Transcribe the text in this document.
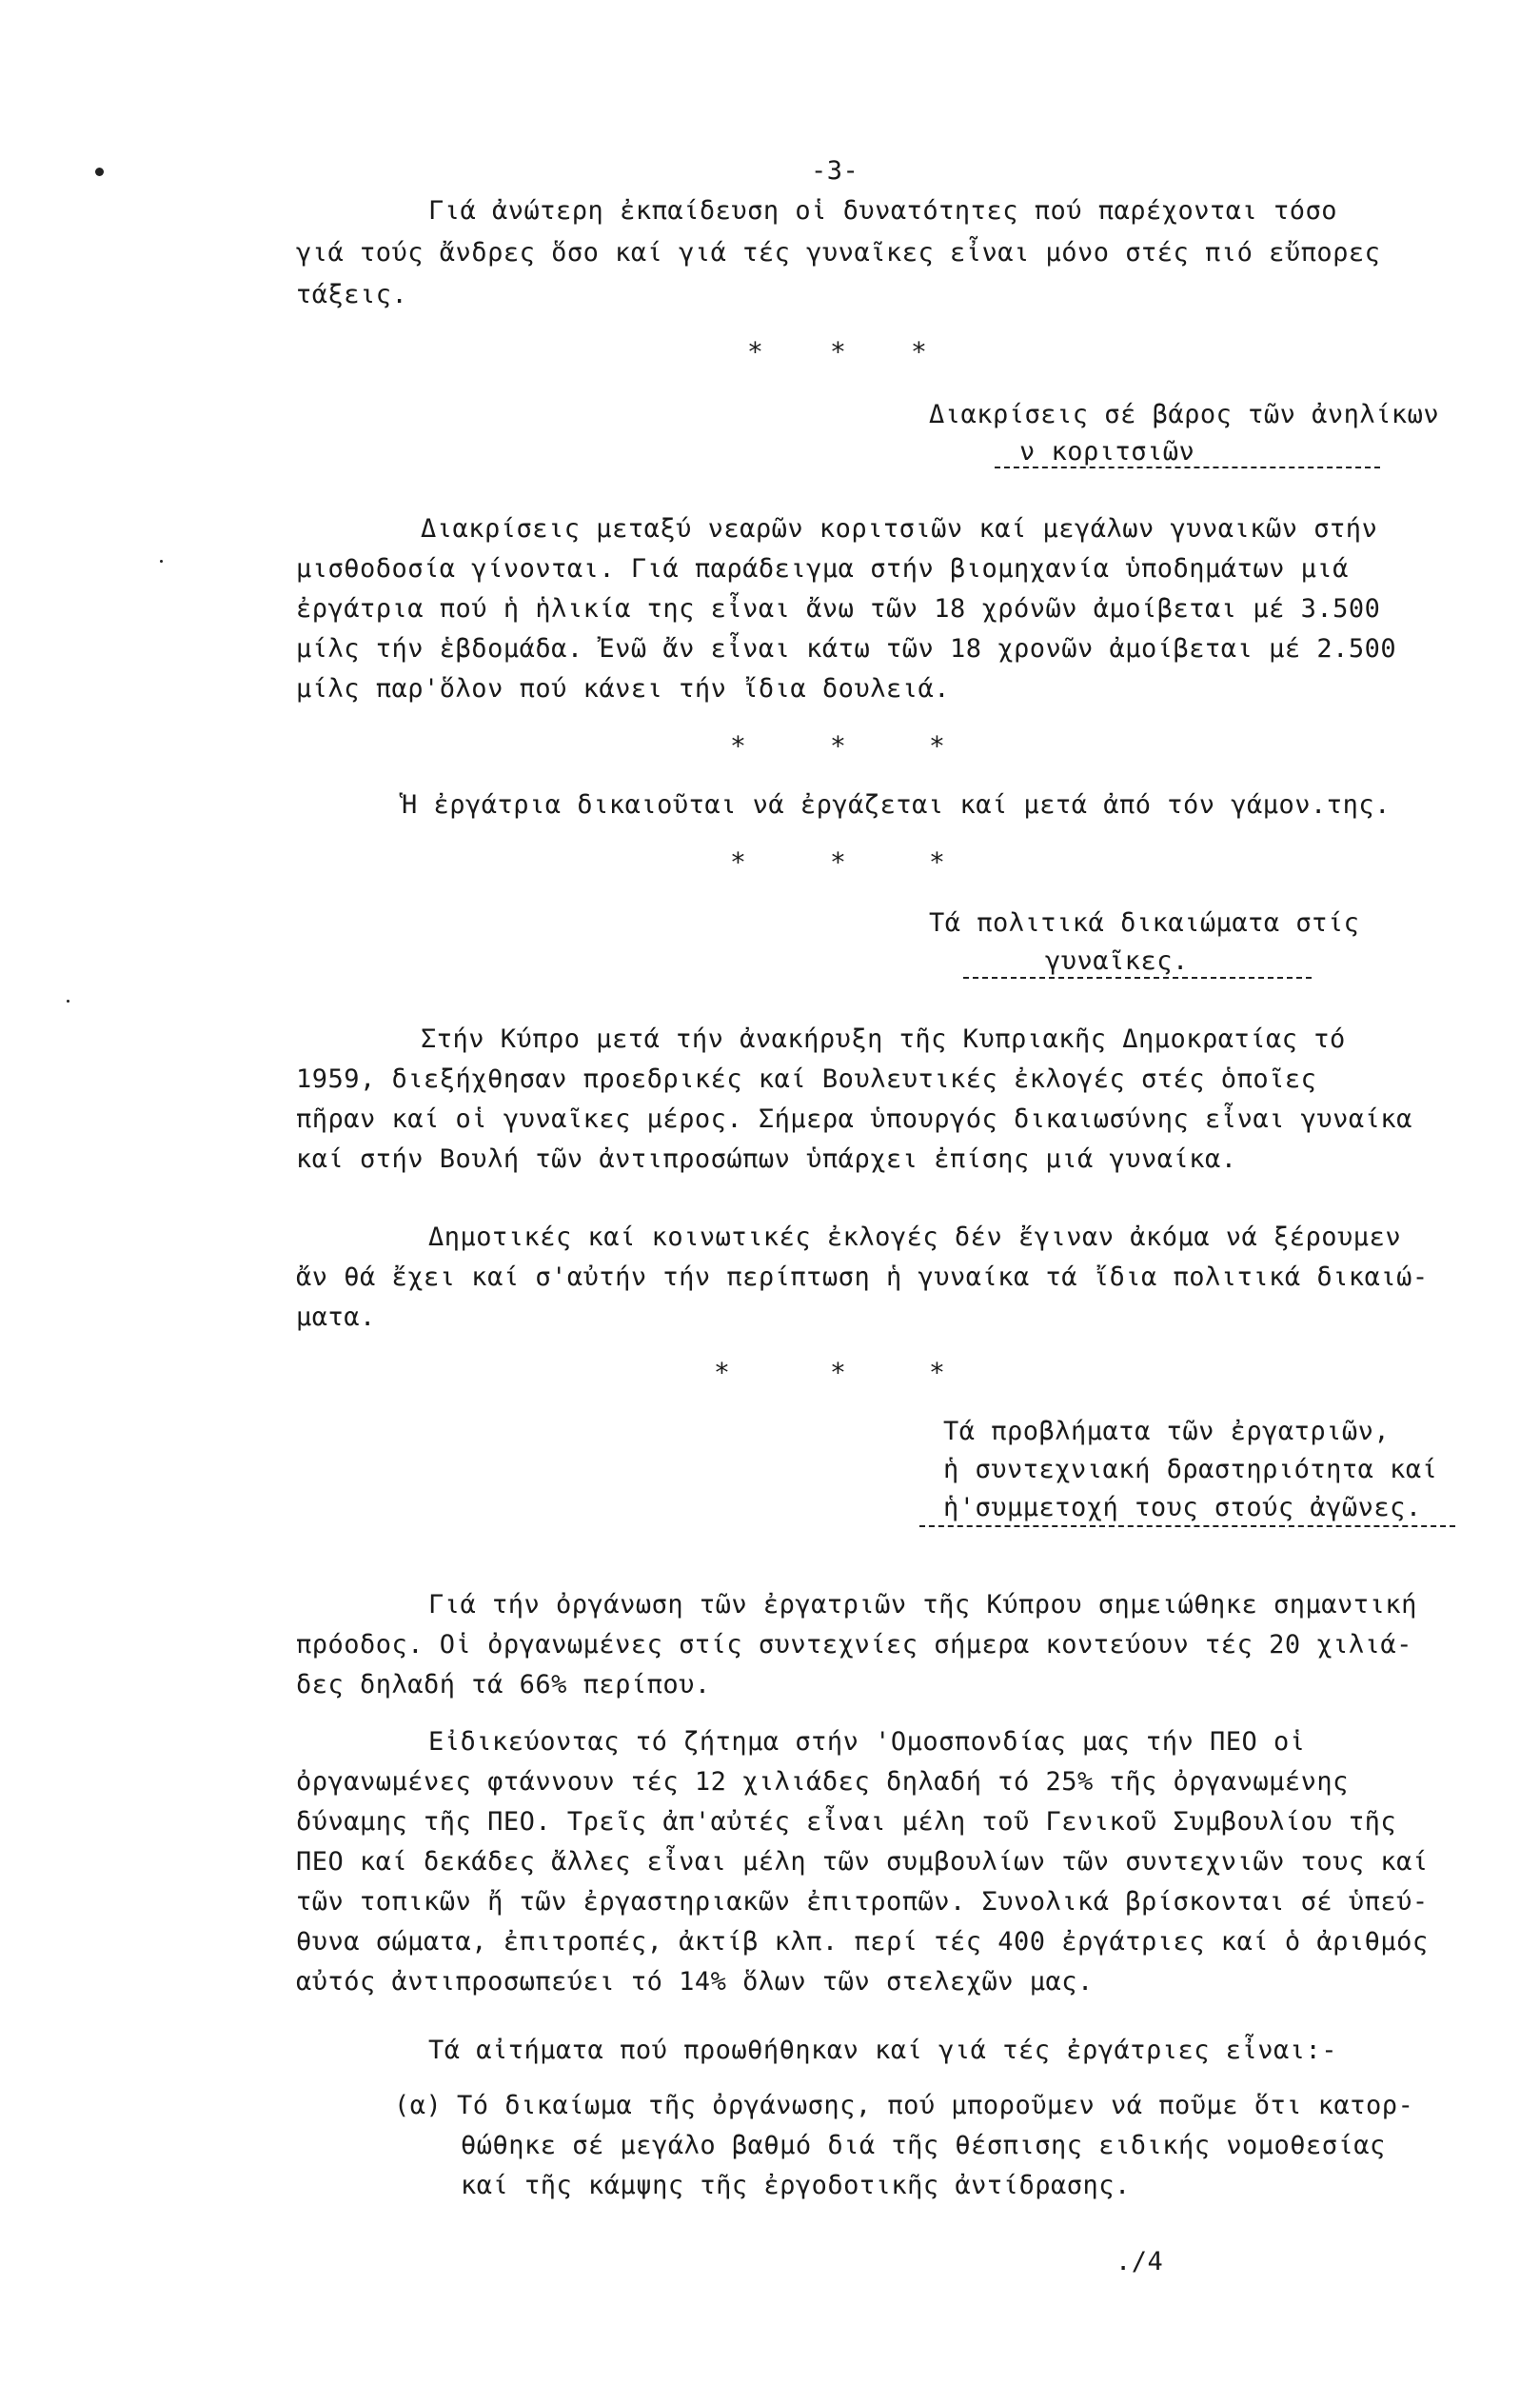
-3-
Γιά ἀνώτερη ἐκπαίδευση οἱ δυνατότητες πού παρέχονται τόσο
γιά τούς ἄνδρες ὅσο καί γιά τές γυναῖκες εἶναι μόνο στές πιό εὔπορες
τάξεις.
*	* *
Διακρίσεις σέ βάρος τῶν ἀνηλίκων
ν κοριτσιῶν
Διακρίσεις μεταξύ νεαρῶν κοριτσιῶν καί μεγάλων γυναικῶν στήν
μισθοδοσία γίνονται. Γιά παράδειγμα στήν βιομηχανία ὑποδημάτων μιά
ἐργάτρια πού ἡ ἡλικία της εἶναι ἄνω τῶν 18 χρόνῶν ἀμοίβεται μέ 3.500
μίλς τήν ἑβδομάδα. Ἐνῶ ἄν εἶναι κάτω τῶν 18 χρονῶν ἀμοίβεται μέ 2.500
μίλς παρ'ὅλον πού κάνει τήν ἴδια δουλειά.
*	*	*
Ἡ ἐργάτρια δικαιοῦται νά ἐργάζεται καί μετά ἀπό τόν γάμον.της.
*	*	*
Τά πολιτικά δικαιώματα στίς
γυναῖκες.
Στήν Κύπρο μετά τήν ἀνακήρυξη τῆς Κυπριακῆς Δημοκρατίας τό
1959, διεξήχθησαν προεδρικές καί Βουλευτικές ἐκλογές στές ὁποῖες
πῆραν καί οἱ γυναῖκες μέρος. Σήμερα ὑπουργός δικαιωσύνης εἶναι γυναίκα
καί στήν Βουλή τῶν ἀντιπροσώπων ὑπάρχει ἐπίσης μιά γυναίκα.
Δημοτικές καί κοινωτικές ἐκλογές δέν ἔγιναν ἀκόμα νά ξέρουμεν
ἄν θά ἔχει καί σ'αὐτήν τήν περίπτωση ἡ γυναίκα τά ἴδια πολιτικά δικαιώ-
ματα.
*	*	*
Τά προβλήματα τῶν ἐργατριῶν,
ἡ συντεχνιακή δραστηριότητα καί
ἡ'συμμετοχή τους στούς ἀγῶνες.
Γιά τήν ὀργάνωση τῶν ἐργατριῶν τῆς Κύπρου σημειώθηκε σημαντική
πρόοδος. Οἱ ὀργανωμένες στίς συντεχνίες σήμερα κοντεύουν τές 20 χιλιά-
δες δηλαδή τά 66% περίπου.
Εἰδικεύοντας τό ζήτημα στήν 'Ομοσπονδίας μας τήν ΠΕΟ οἱ
ὀργανωμένες φτάννουν τές 12 χιλιάδες δηλαδή τό 25% τῆς ὀργανωμένης
δύναμης τῆς ΠΕΟ. Τρεῖς ἀπ'αὐτές εἶναι μέλη τοῦ Γενικοῦ Συμβουλίου τῆς
ΠΕΟ καί δεκάδες ἄλλες εἶναι μέλη τῶν συμβουλίων τῶν συντεχνιῶν τους καί
τῶν τοπικῶν ἤ τῶν ἐργαστηριακῶν ἐπιτροπῶν. Συνολικά βρίσκονται σέ ὑπεύ-
θυνα σώματα, ἐπιτροπές, ἀκτίβ κλπ. περί τές 400 ἐργάτριες καί ὁ ἀριθμός
αὐτός ἀντιπροσωπεύει τό 14% ὅλων τῶν στελεχῶν μας.
Τά αἰτήματα πού προωθήθηκαν καί γιά τές ἐργάτριες εἶναι:-
(α) Τό δικαίωμα τῆς ὀργάνωσης, πού μποροῦμεν νά ποῦμε ὅτι κατορ-
θώθηκε σέ μεγάλο βαθμό διά τῆς θέσπισης ειδικής νομοθεσίας
καί τῆς κάμψης τῆς ἐργοδοτικῆς ἀντίδρασης.
./4
